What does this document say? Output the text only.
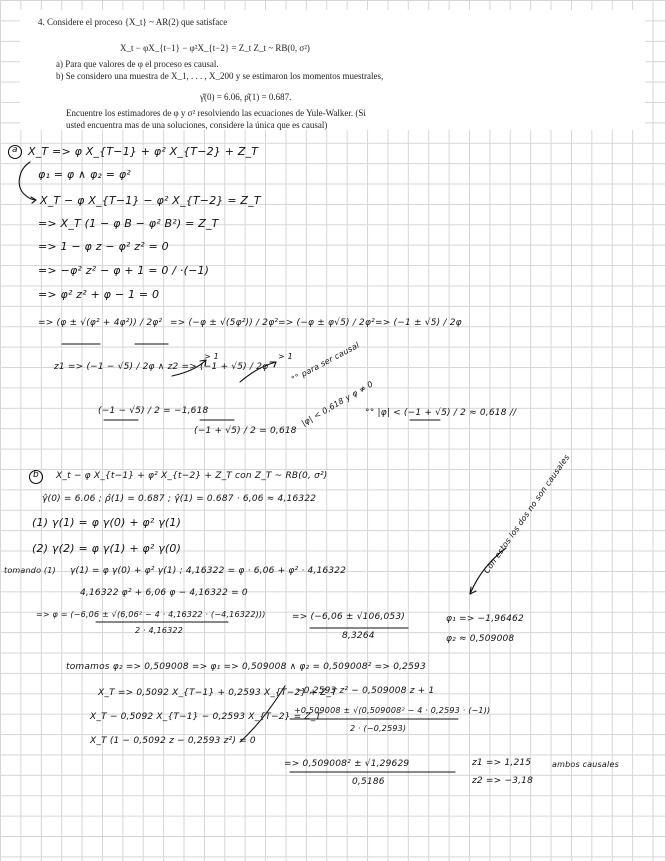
4. Considere el proceso {X_t} ~ AR(2) que satisface
X_t − φX_{t−1} − φ²X_{t−2} = Z_t Z_t ~ RB(0, σ²)
a) Para que valores de φ el proceso es causal.
b) Se considero una muestra de X_1, . . . , X_200 y se estimaron los momentos muestrales,
γ̂(0) = 6.06, ρ̂(1) = 0.687.
Encuentre los estimadores de φ y σ² resolviendo las ecuaciones de Yule-Walker. (Si
usted encuentra mas de una soluciones, considere la única que es causal)
a X_T => φ X_{T−1} + φ² X_{T−2} + Z_T
φ₁ = φ ∧ φ₂ = φ²
X_T − φ X_{T−1} − φ² X_{T−2} = Z_T
=> X_T (1 − φ B − φ² B²) = Z_T
=> 1 − φ z − φ² z² = 0
=> −φ² z² − φ + 1 = 0 / ·(−1)
=> φ² z² + φ − 1 = 0
=> (φ ± √(φ² + 4φ²)) / 2φ² => (−φ ± √(5φ²)) / 2φ² => (−φ ± φ√5) / 2φ² => (−1 ± √5) / 2φ
z1 => (−1 − √5) / 2φ ∧ z2 => (−1 + √5) / 2φ
> 1	> 1
°° para ser causal
|φ| < 0,618 y φ ≠ 0
(−1 − √5) / 2 = −1,618
(−1 + √5) / 2 = 0,618
°° |φ| < (−1 + √5) / 2 ≈ 0,618 //
b X_t − φ X_{t−1} + φ² X_{t−2} + Z_T con Z_T ~ RB(0, σ²)
γ̂(0) = 6.06 ; ρ̂(1) = 0.687 ; γ̂(1) = 0.687 · 6,06 ≈ 4,16322
(1) γ(1) = φ γ(0) + φ² γ(1)
(2) γ(2) = φ γ(1) + φ² γ(0)
tomando (1) γ(1) = φ γ(0) + φ² γ(1) ; 4,16322 = φ · 6,06 + φ² · 4,16322
4,16322 φ² + 6,06 φ − 4,16322 = 0
=> φ = (−6,06 ± √(6,06² − 4 · 4,16322 · (−4,16322)))
2 · 4,16322
=> (−6,06 ± √106,053)
8,3264
φ₁ => −1,96462
φ₂ ≈ 0,509008
Con estos los dos no son causales
tomamos φ₂ => 0,509008 => φ₁ => 0,509008 ∧ φ₂ = 0,509008² => 0,2593
X_T => 0,5092 X_{T−1} + 0,2593 X_{T−2} + Z_T
X_T − 0,5092 X_{T−1} − 0,2593 X_{T−2} = Z_T
X_T (1 − 0,5092 z − 0,2593 z²) = 0
−0,2593 z² − 0,509008 z + 1
+0,509008 ± √(0,509008² − 4 · 0,2593 · (−1))
2 · (−0,2593)
=> 0,509008² ± √1,29629
0,5186
z1 => 1,215
z2 => −3,18
ambos causales
